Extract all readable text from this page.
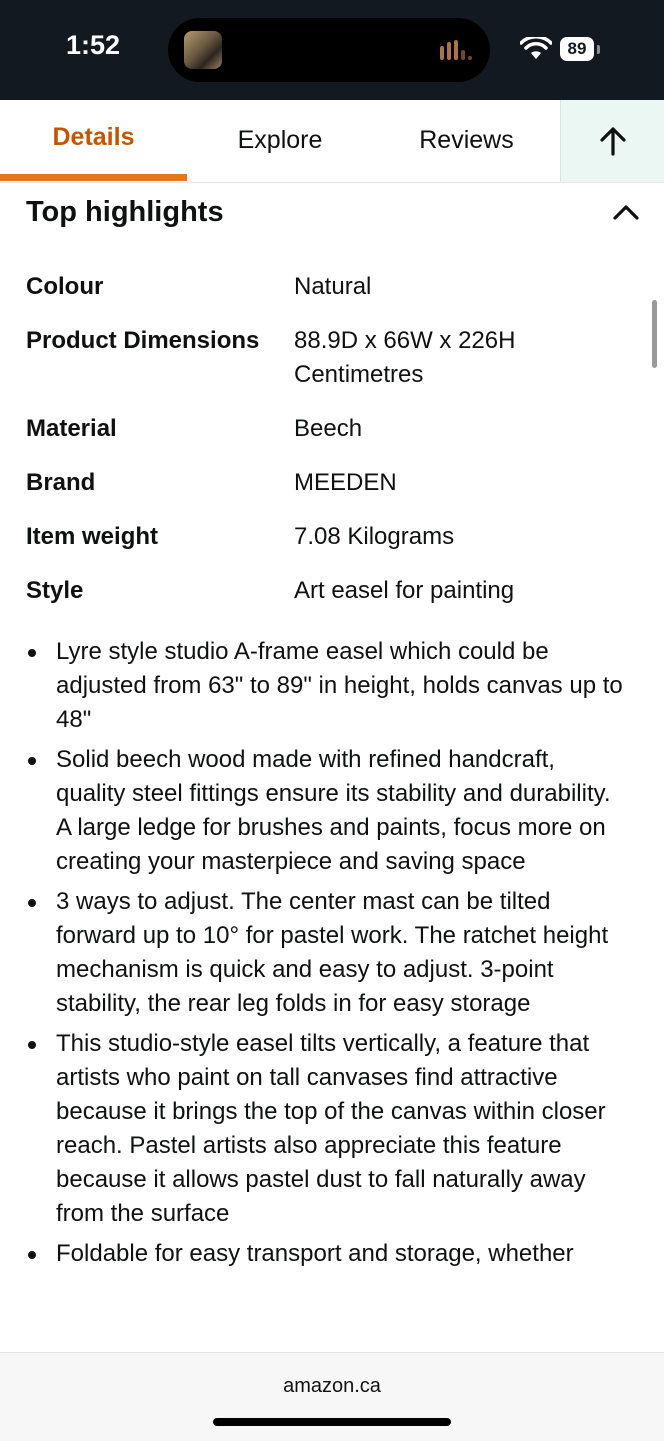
1:52	89
Details	Explore	Reviews
Top highlights
Colour	Natural
Product Dimensions 88.9D x 66W x 226H Centimetres
Material	Beech
Brand	MEEDEN
Item weight	7.08 Kilograms
Style	Art easel for painting
Lyre style studio A-frame easel which could be adjusted from 63" to 89" in height, holds canvas up to 48"
Solid beech wood made with refined handcraft, quality steel fittings ensure its stability and durability. A large ledge for brushes and paints, focus more on creating your masterpiece and saving space
3 ways to adjust. The center mast can be tilted forward up to 10° for pastel work. The ratchet height mechanism is quick and easy to adjust. 3-point stability, the rear leg folds in for easy storage
This studio-style easel tilts vertically, a feature that artists who paint on tall canvases find attractive because it brings the top of the canvas within closer reach. Pastel artists also appreciate this feature because it allows pastel dust to fall naturally away from the surface
Foldable for easy transport and storage, whether
amazon.ca
